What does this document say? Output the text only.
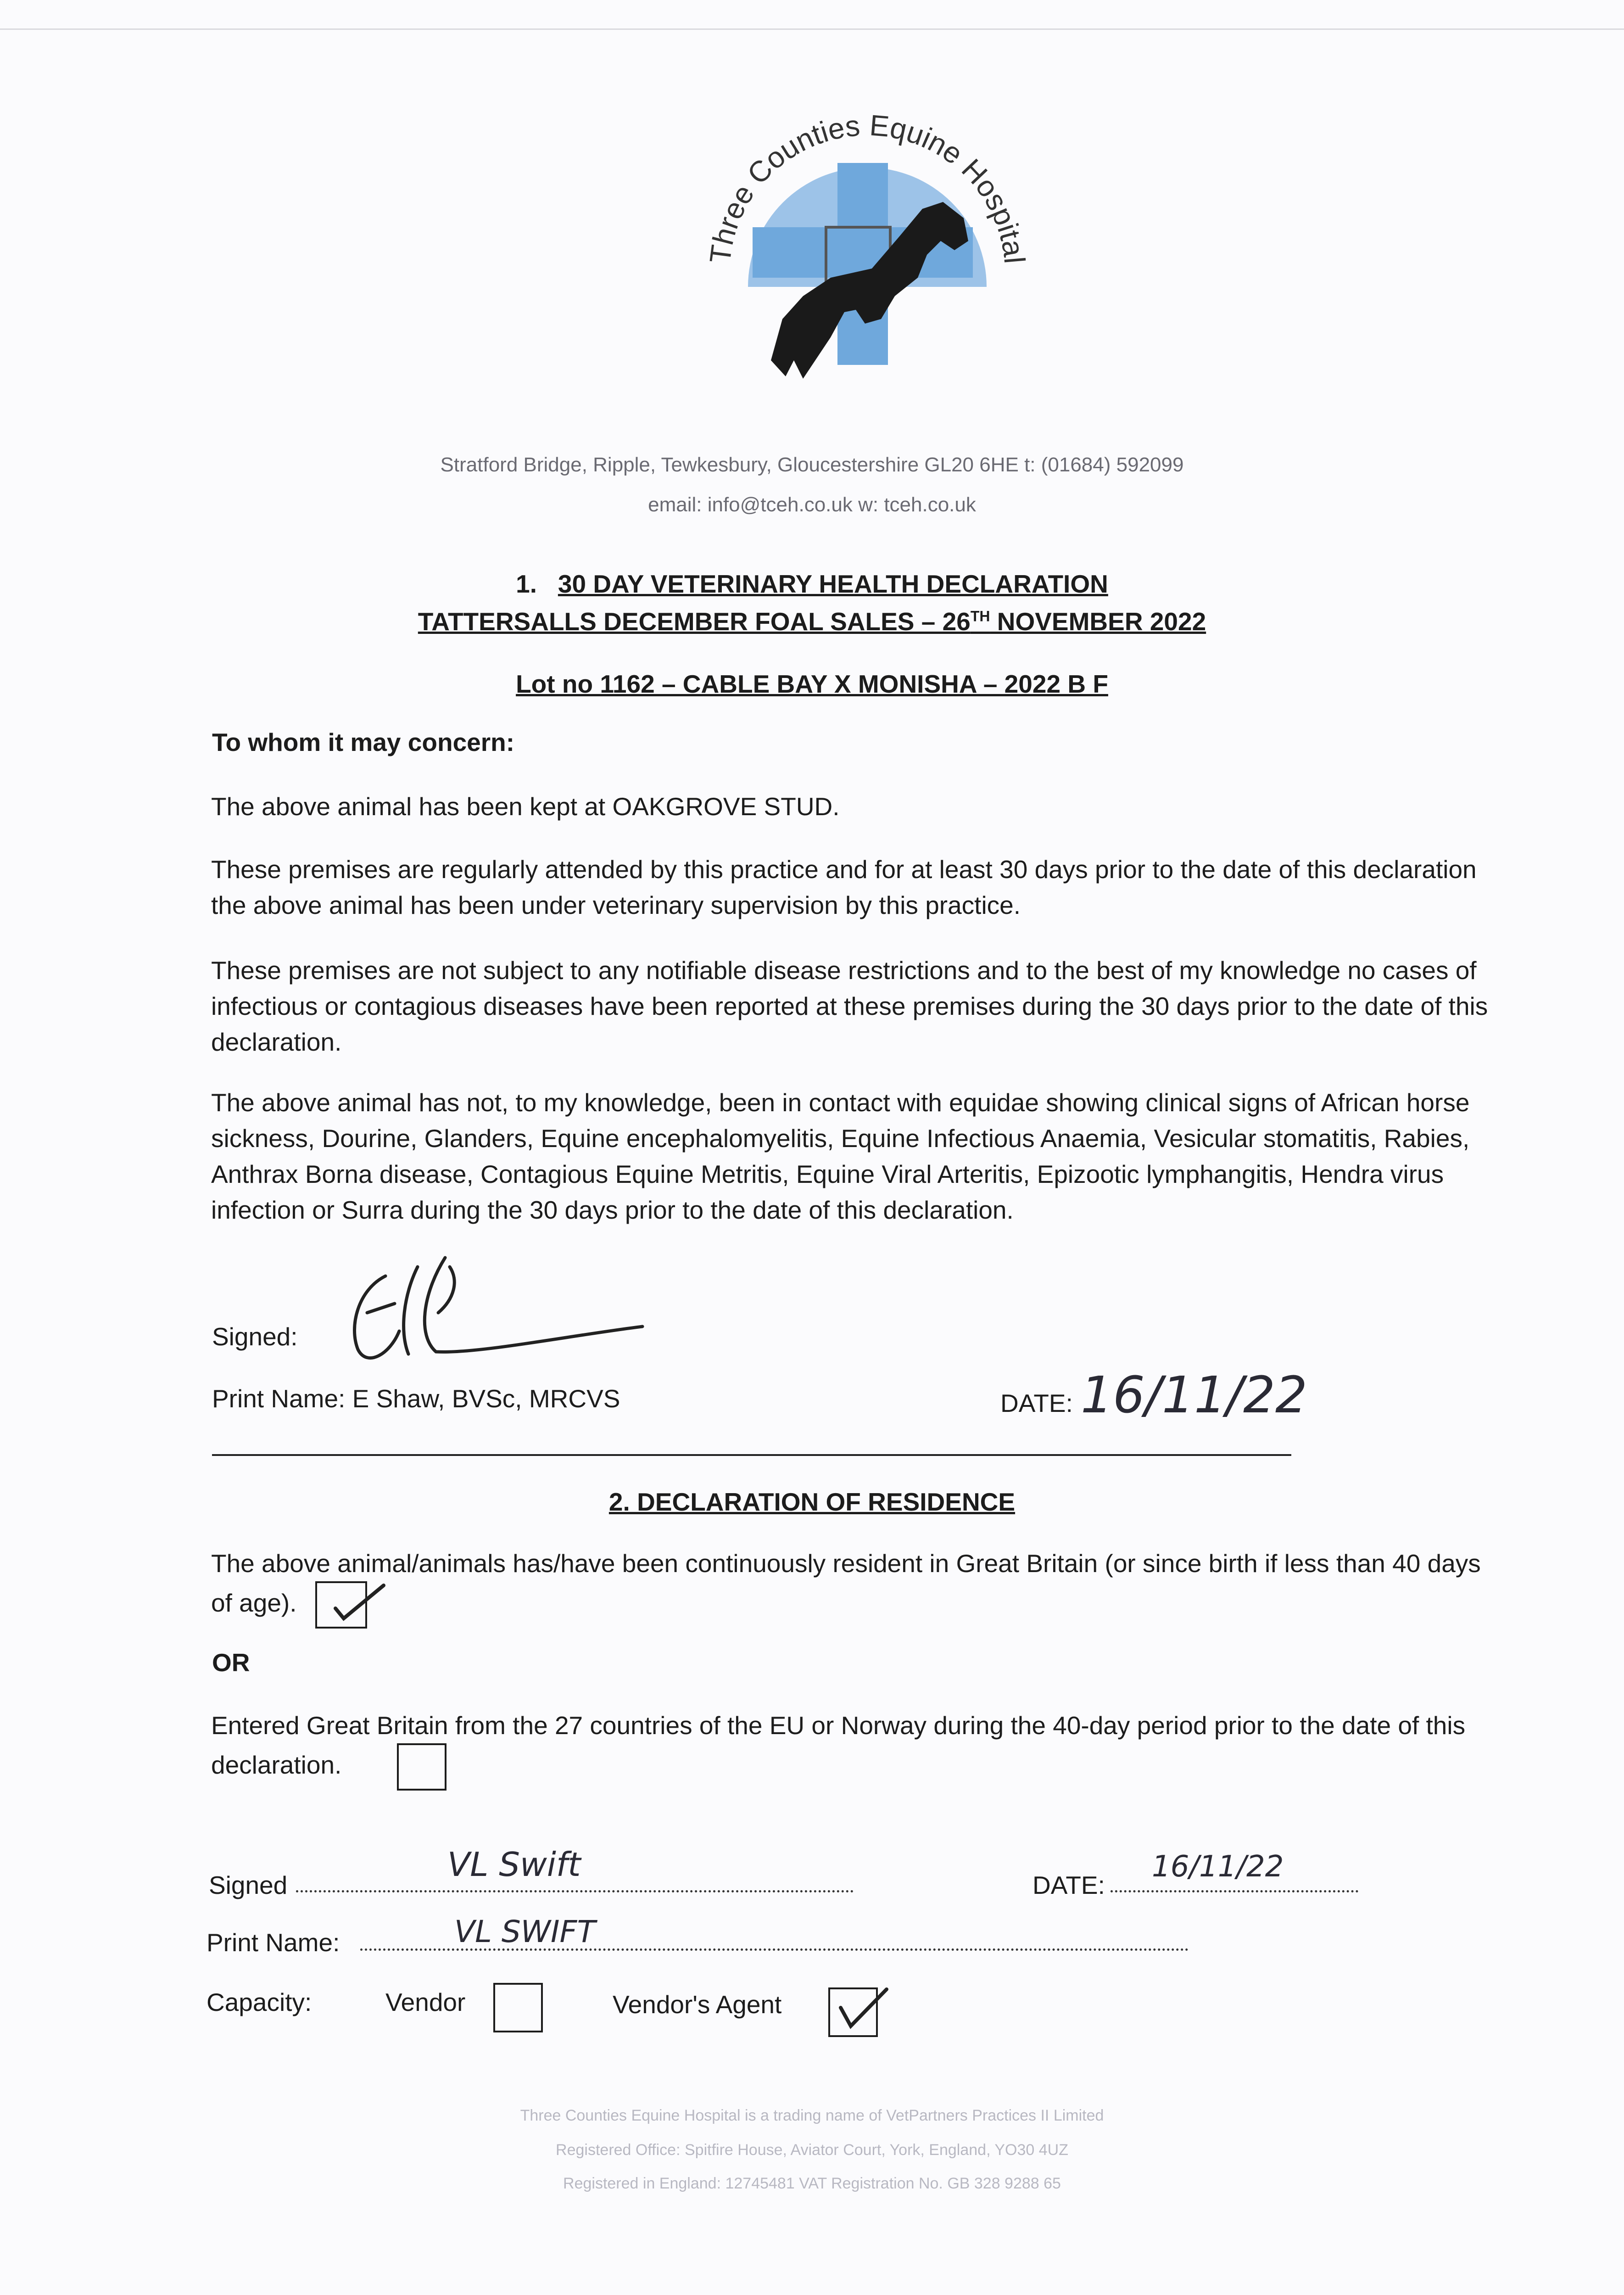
Three Counties Equine Hospital
Stratford Bridge, Ripple, Tewkesbury, Gloucestershire GL20 6HE t: (01684) 592099
email: info@tceh.co.uk w: tceh.co.uk
1. 30 DAY VETERINARY HEALTH DECLARATION
TATTERSALLS DECEMBER FOAL SALES – 26TH NOVEMBER 2022
Lot no 1162 – CABLE BAY X MONISHA – 2022 B F
To whom it may concern:
The above animal has been kept at OAKGROVE STUD.
These premises are regularly attended by this practice and for at least 30 days prior to the date of this declaration the above animal has been under veterinary supervision by this practice.
These premises are not subject to any notifiable disease restrictions and to the best of my knowledge no cases of infectious or contagious diseases have been reported at these premises during the 30 days prior to the date of this declaration.
The above animal has not, to my knowledge, been in contact with equidae showing clinical signs of African horse sickness, Dourine, Glanders, Equine encephalomyelitis, Equine Infectious Anaemia, Vesicular stomatitis, Rabies, Anthrax Borna disease, Contagious Equine Metritis, Equine Viral Arteritis, Epizootic lymphangitis, Hendra virus infection or Surra during the 30 days prior to the date of this declaration.
Signed:
Print Name: E Shaw, BVSc, MRCVS	DATE: 16/11/22
2. DECLARATION OF RESIDENCE
The above animal/animals has/have been continuously resident in Great Britain (or since birth if less than 40 days of age).
OR
Entered Great Britain from the 27 countries of the EU or Norway during the 40-day period prior to the date of this declaration.
Signed
VL Swift
DATE:
16/11/22
Print Name:	VL SWIFT
Capacity:	Vendor	Vendor's Agent
Three Counties Equine Hospital is a trading name of VetPartners Practices II Limited
Registered Office: Spitfire House, Aviator Court, York, England, YO30 4UZ
Registered in England: 12745481 VAT Registration No. GB 328 9288 65
